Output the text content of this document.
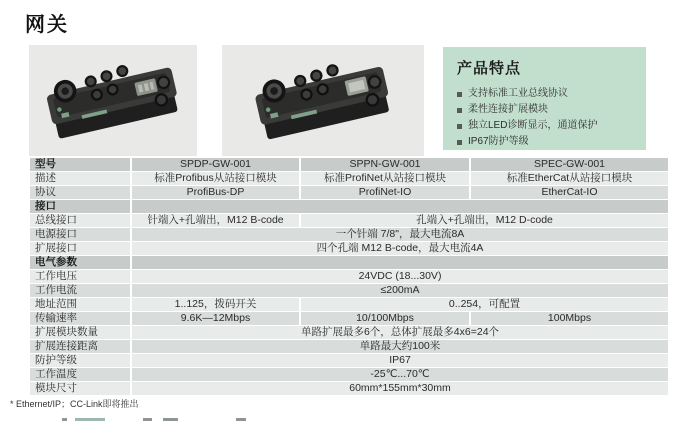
网关
产品特点
支持标准工业总线协议
柔性连接扩展模块
独立LED诊断显示，通道保护
IP67防护等级
型号	SPDP-GW-001	SPPN-GW-001	SPEC-GW-001
描述	标准Profibus从站接口模块	标准ProfiNet从站接口模块	标准EtherCat从站接口模块
协议	ProfiBus-DP	ProfiNet-IO	EtherCat-IO
接口
总线接口	针端入+孔端出，M12 B-code	孔端入+孔端出，M12 D-code
电源接口	一个针端 7/8"，最大电流8A
扩展接口	四个孔端 M12 B-code，最大电流4A
电气参数
工作电压	24VDC (18...30V)
工作电流	≤200mA
地址范围	1..125，拨码开关	0..254，可配置
传输速率	9.6K—12Mbps	10/100Mbps	100Mbps
扩展模块数量	单路扩展最多6个，总体扩展最多4x6=24个
扩展连接距离	单路最大约100米
防护等级	IP67
工作温度	-25℃...70℃
模块尺寸	60mm*155mm*30mm
* Ethernet/IP；CC-Link即将推出
